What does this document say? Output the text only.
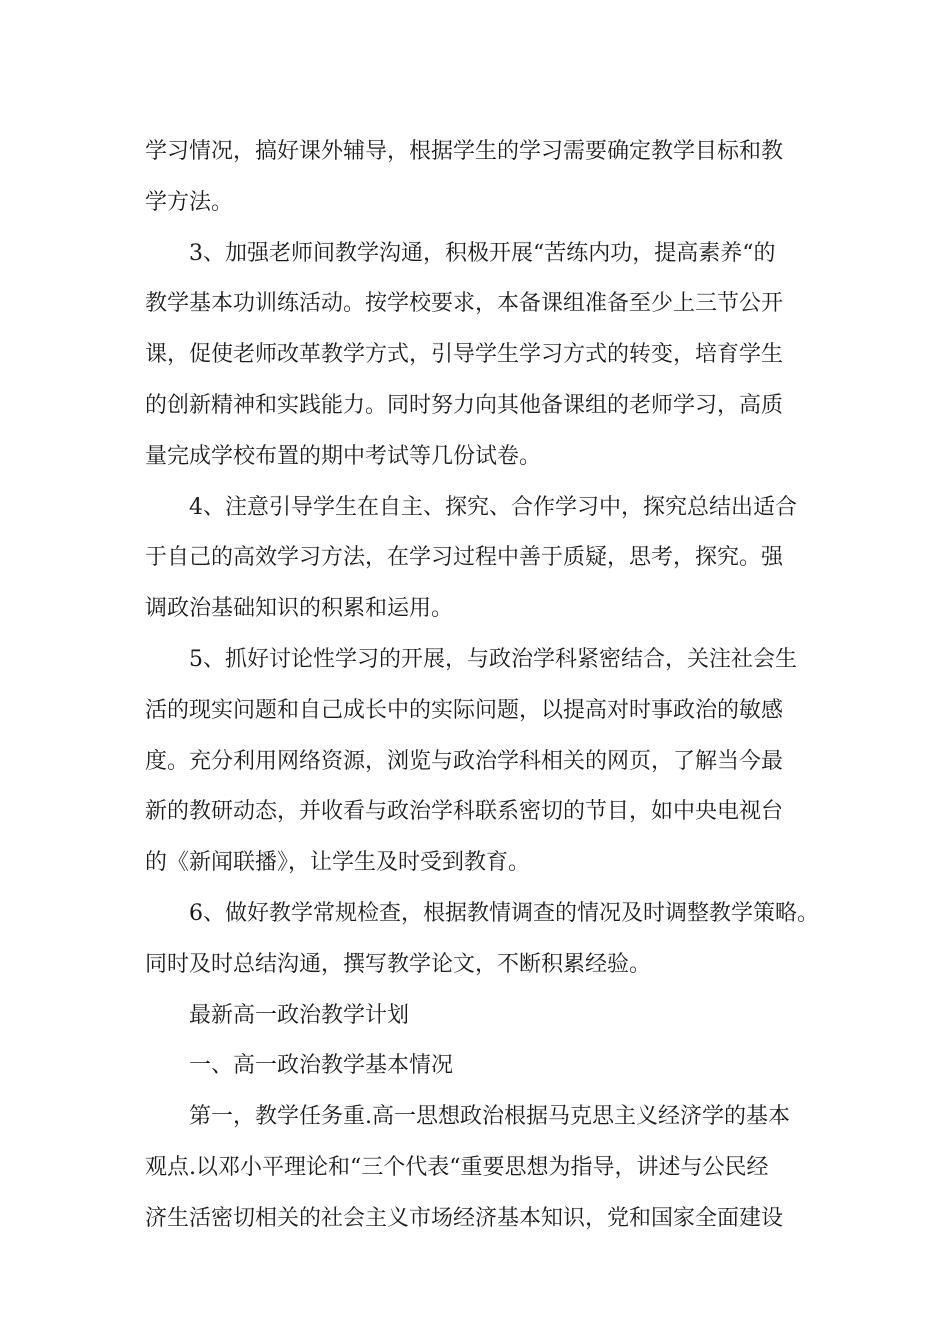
学习情况，搞好课外辅导，根据学生的学习需要确定教学目标和教
学方法。
3、加强老师间教学沟通，积极开展“苦练内功，提高素养“的
教学基本功训练活动。按学校要求，本备课组准备至少上三节公开
课，促使老师改革教学方式，引导学生学习方式的转变，培育学生
的创新精神和实践能力。同时努力向其他备课组的老师学习，高质
量完成学校布置的期中考试等几份试卷。
4、注意引导学生在自主、探究、合作学习中，探究总结出适合
于自己的高效学习方法，在学习过程中善于质疑，思考，探究。强
调政治基础知识的积累和运用。
5、抓好讨论性学习的开展，与政治学科紧密结合，关注社会生
活的现实问题和自己成长中的实际问题，以提高对时事政治的敏感
度。充分利用网络资源，浏览与政治学科相关的网页，了解当今最
新的教研动态，并收看与政治学科联系密切的节目，如中央电视台
的《新闻联播》，让学生及时受到教育。
6、做好教学常规检查，根据教情调查的情况及时调整教学策略。
同时及时总结沟通，撰写教学论文，不断积累经验。
最新高一政治教学计划
一、高一政治教学基本情况
第一，教学任务重.高一思想政治根据马克思主义经济学的基本
观点.以邓小平理论和“三个代表“重要思想为指导，讲述与公民经
济生活密切相关的社会主义市场经济基本知识，党和国家全面建设
